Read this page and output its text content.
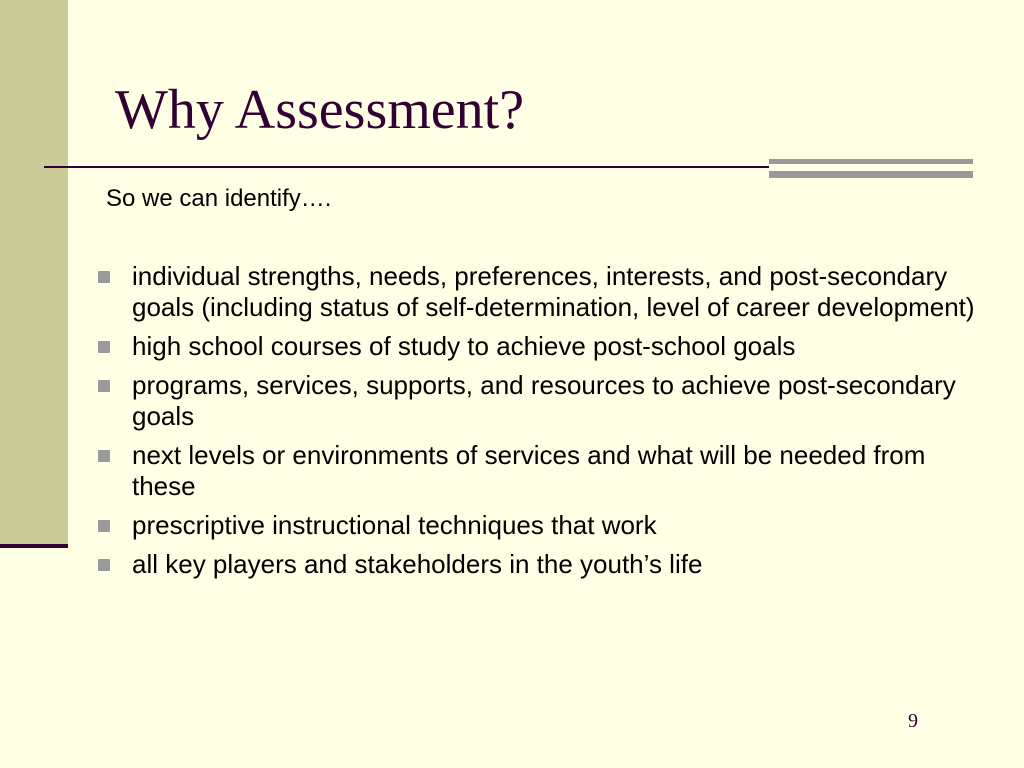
Why Assessment?

So we can identify….

individual strengths, needs, preferences, interests, and post-secondary goals (including status of self-determination, level of career development)

high school courses of study to achieve post-school goals

programs, services, supports, and resources to achieve post-secondary goals

next levels or environments of services and what will be needed from these

prescriptive instructional techniques that work

all key players and stakeholders in the youth’s life

9
